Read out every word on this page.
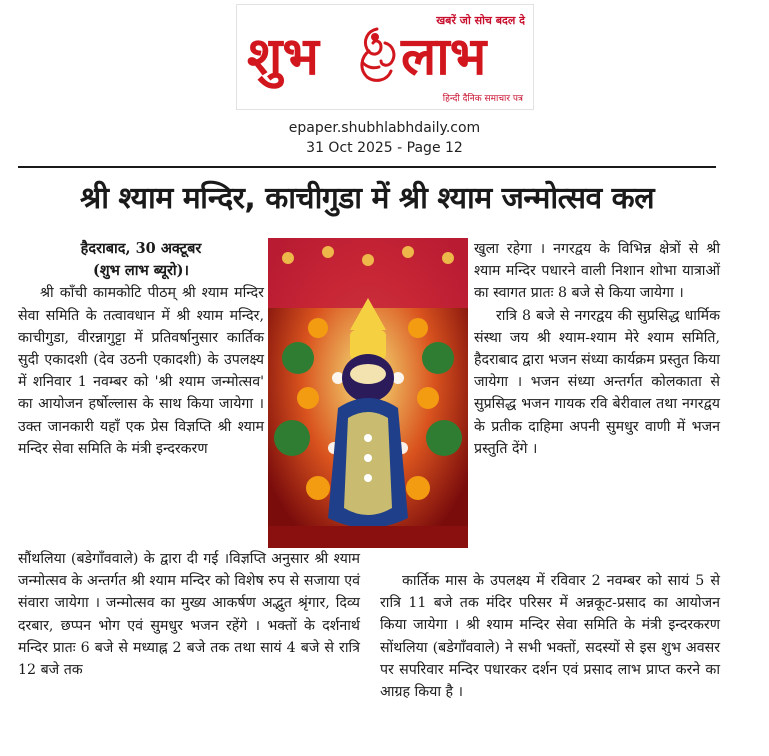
खबरें जो सोच बदल दे
शुभ लाभ
हिन्दी दैनिक समाचार पत्र
epaper.shubhlabhdaily.com
31 Oct 2025 - Page 12
श्री श्याम मन्दिर, काचीगुडा में श्री श्याम जन्मोत्सव कल

हैदराबाद, 30 अक्टूबर

(शुभ लाभ ब्यूरो)।

श्री काँची कामकोटि पीठम् श्री श्याम मन्दिर सेवा समिति के तत्वावधान में श्री श्याम मन्दिर, काचीगुडा, वीरन्नागुट्टा में प्रतिवर्षानुसार कार्तिक सुदी एकादशी (देव उठनी एकादशी) के उपलक्ष्य में शनिवार 1 नवम्बर को 'श्री श्याम जन्मोत्सव' का आयोजन हर्षोल्लास के साथ किया जायेगा । उक्त जानकारी यहाँ एक प्रेस विज्ञप्ति श्री श्याम मन्दिर सेवा समिति के मंत्री इन्दरकरण

सौंथलिया (बडेगाँववाले) के द्वारा दी गई ।विज्ञप्ति अनुसार श्री श्याम जन्मोत्सव के अन्तर्गत श्री श्याम मन्दिर को विशेष रुप से सजाया एवं संवारा जायेगा । जन्मोत्सव का मुख्य आकर्षण अद्भुत श्रृंगार, दिव्य दरबार, छप्पन भोग एवं सुमधुर भजन रहेंगे । भक्तों के दर्शनार्थ मन्दिर प्रातः 6 बजे से मध्याह्न 2 बजे तक तथा सायं 4 बजे से रात्रि 12 बजे तक

खुला रहेगा । नगरद्वय के विभिन्न क्षेत्रों से श्री श्याम मन्दिर पधारने वाली निशान शोभा यात्राओं का स्वागत प्रातः 8 बजे से किया जायेगा ।

रात्रि 8 बजे से नगरद्वय की सुप्रसिद्ध धार्मिक संस्था जय श्री श्याम-श्याम मेरे श्याम समिति, हैदराबाद द्वारा भजन संध्या कार्यक्रम प्रस्तुत किया जायेगा । भजन संध्या अन्तर्गत कोलकाता से सुप्रसिद्ध भजन गायक रवि बेरीवाल तथा नगरद्वय के प्रतीक दाहिमा अपनी सुमधुर वाणी में भजन प्रस्तुति देंगे ।

कार्तिक मास के उपलक्ष्य में रविवार 2 नवम्बर को सायं 5 से रात्रि 11 बजे तक मंदिर परिसर में अन्नकूट-प्रसाद का आयोजन किया जायेगा । श्री श्याम मन्दिर सेवा समिति के मंत्री इन्दरकरण सोंथलिया (बडेगाँववाले) ने सभी भक्तों, सदस्यों से इस शुभ अवसर पर सपरिवार मन्दिर पधारकर दर्शन एवं प्रसाद लाभ प्राप्त करने का आग्रह किया है ।
